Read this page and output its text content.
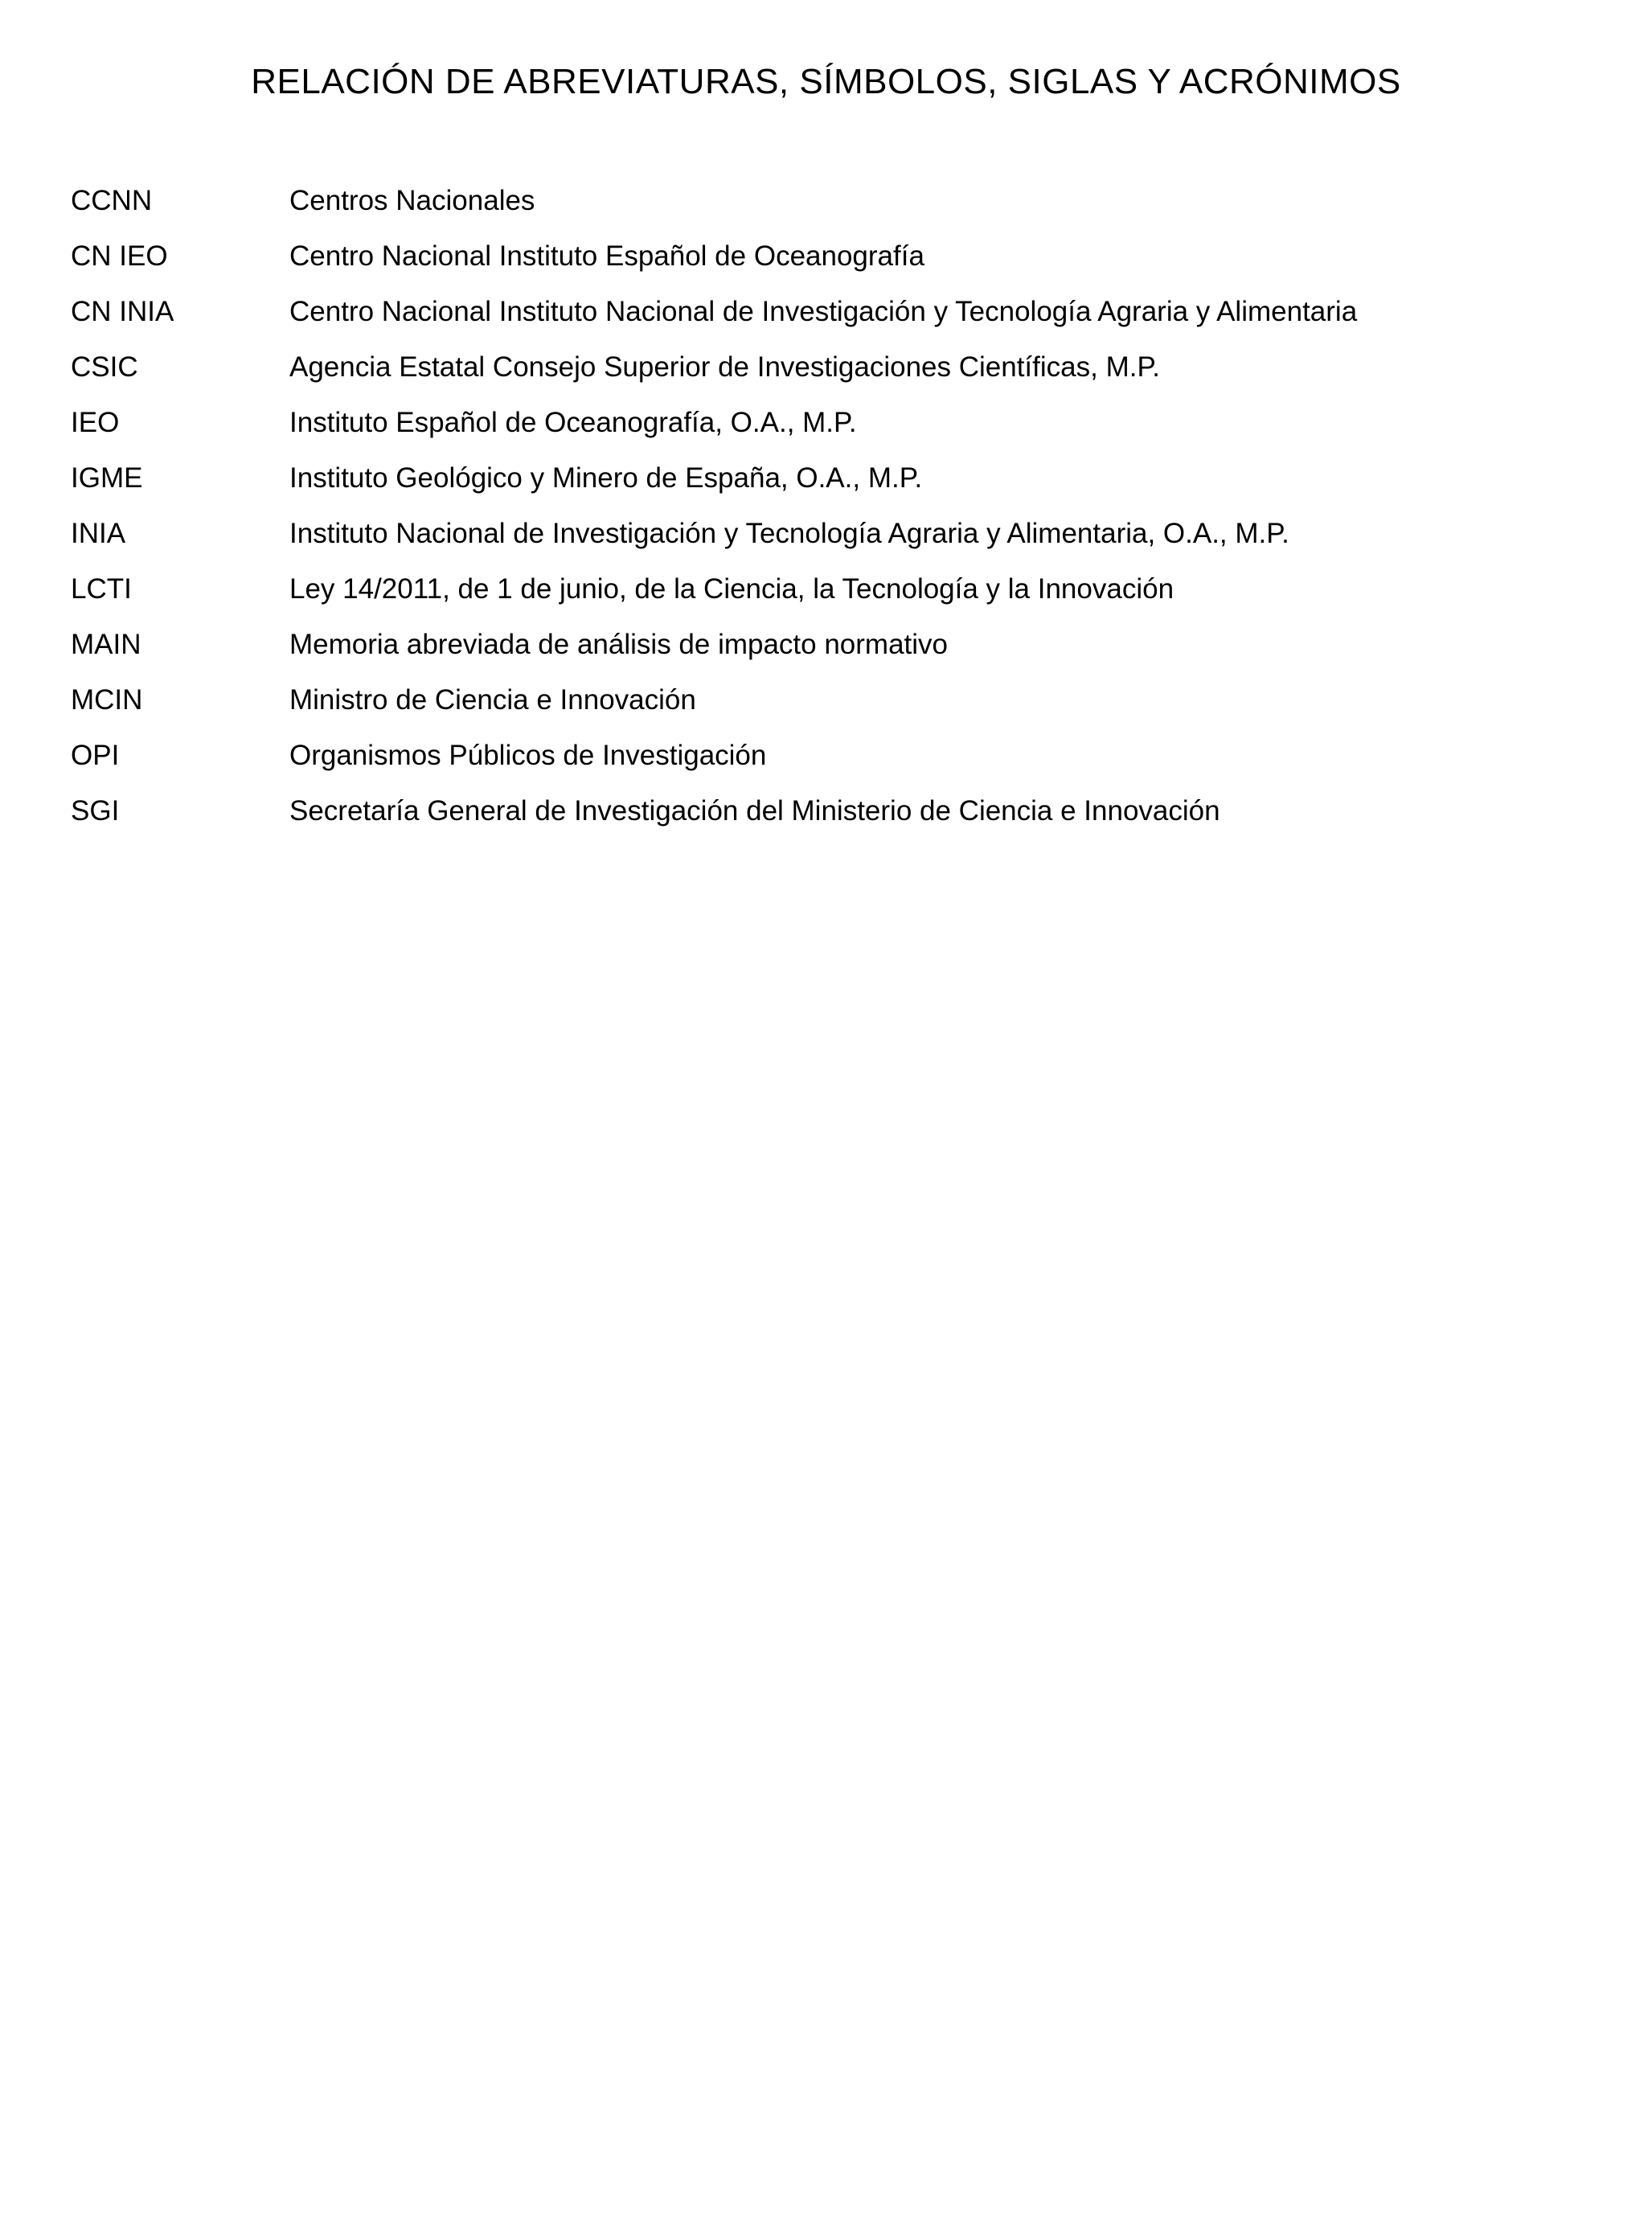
RELACIÓN DE ABREVIATURAS, SÍMBOLOS, SIGLAS Y ACRÓNIMOS
CCNN	Centros Nacionales
CN IEO	Centro Nacional Instituto Español de Oceanografía
CN INIA	Centro Nacional Instituto Nacional de Investigación y Tecnología Agraria y Alimentaria
CSIC	Agencia Estatal Consejo Superior de Investigaciones Científicas, M.P.
IEO	Instituto Español de Oceanografía, O.A., M.P.
IGME	Instituto Geológico y Minero de España, O.A., M.P.
INIA	Instituto Nacional de Investigación y Tecnología Agraria y Alimentaria, O.A., M.P.
LCTI	Ley 14/2011, de 1 de junio, de la Ciencia, la Tecnología y la Innovación
MAIN	Memoria abreviada de análisis de impacto normativo
MCIN	Ministro de Ciencia e Innovación
OPI	Organismos Públicos de Investigación
SGI	Secretaría General de Investigación del Ministerio de Ciencia e Innovación
